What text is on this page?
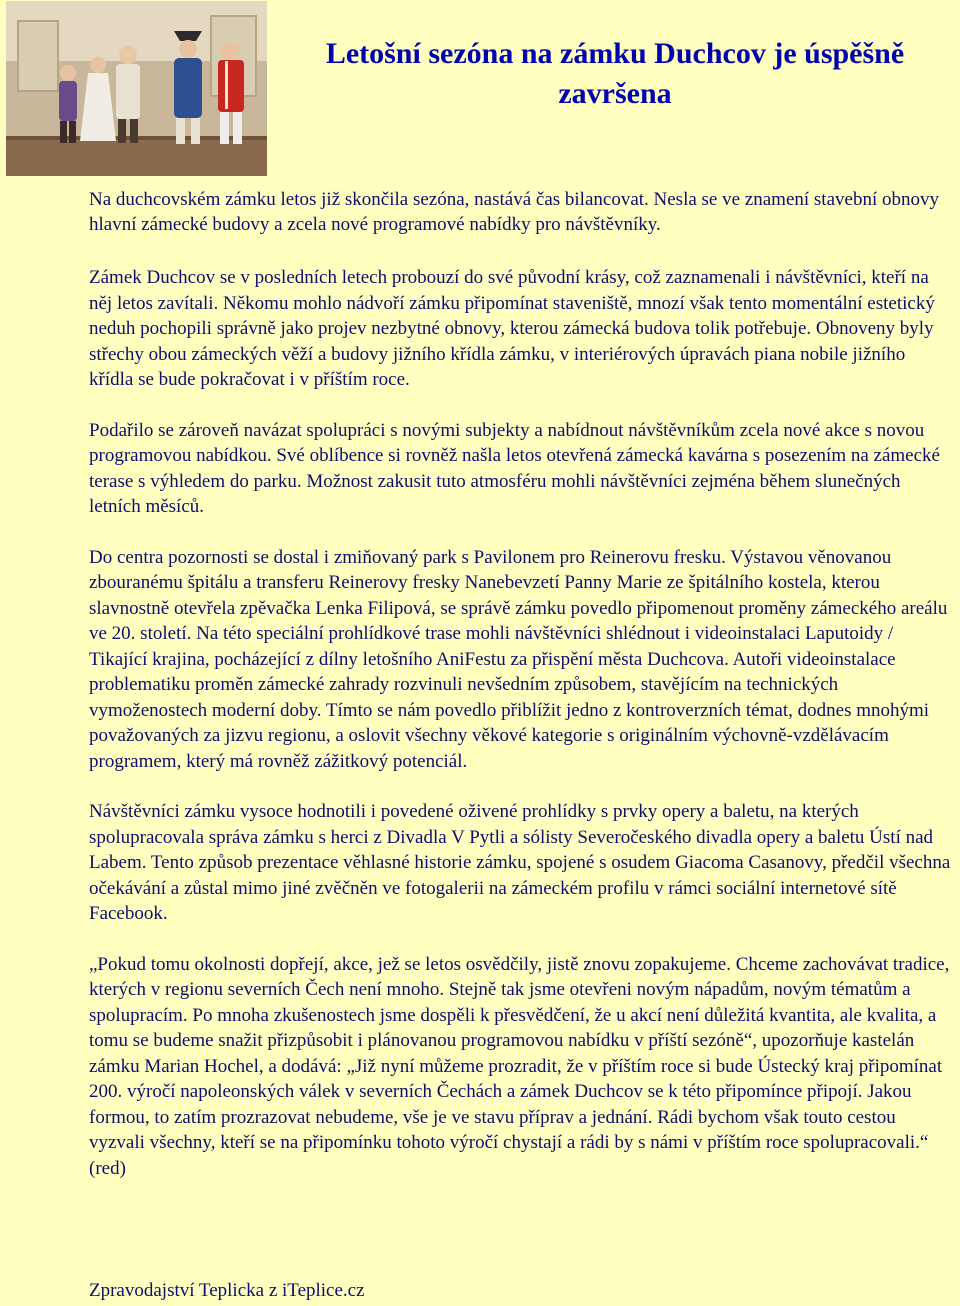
Letošní sezóna na zámku Duchcov je úspěšně završena

Na duchcovském zámku letos již skončila sezóna, nastává čas bilancovat. Nesla se ve znamení stavební obnovy hlavní zámecké budovy a zcela nové programové nabídky pro návštěvníky.

Zámek Duchcov se v posledních letech probouzí do své původní krásy, což zaznamenali i návštěvníci, kteří na něj letos zavítali. Někomu mohlo nádvoří zámku připomínat staveniště, mnozí však tento momentální estetický neduh pochopili správně jako projev nezbytné obnovy, kterou zámecká budova tolik potřebuje. Obnoveny byly střechy obou zámeckých věží a budovy jižního křídla zámku, v interiérových úpravách piana nobile jižního křídla se bude pokračovat i v příštím roce.

Podařilo se zároveň navázat spolupráci s novými subjekty a nabídnout návštěvníkům zcela nové akce s novou programovou nabídkou. Své oblíbence si rovněž našla letos otevřená zámecká kavárna s posezením na zámecké terase s výhledem do parku. Možnost zakusit tuto atmosféru mohli návštěvníci zejména během slunečných letních měsíců.

Do centra pozornosti se dostal i zmiňovaný park s Pavilonem pro Reinerovu fresku. Výstavou věnovanou zbouranému špitálu a transferu Reinerovy fresky Nanebevzetí Panny Marie ze špitálního kostela, kterou slavnostně otevřela zpěvačka Lenka Filipová, se správě zámku povedlo připomenout proměny zámeckého areálu ve 20. století. Na této speciální prohlídkové trase mohli návštěvníci shlédnout i videoinstalaci Laputoidy / Tikající krajina, pocházející z dílny letošního AniFestu za přispění města Duchcova. Autoři videoinstalace problematiku proměn zámecké zahrady rozvinuli nevšedním způsobem, stavějícím na technických vymoženostech moderní doby. Tímto se nám povedlo přiblížit jedno z kontroverzních témat, dodnes mnohými považovaných za jizvu regionu, a oslovit všechny věkové kategorie s originálním výchovně-vzdělávacím programem, který má rovněž zážitkový potenciál.

Návštěvníci zámku vysoce hodnotili i povedené oživené prohlídky s prvky opery a baletu, na kterých spolupracovala správa zámku s herci z Divadla V Pytli a sólisty Severočeského divadla opery a baletu Ústí nad Labem. Tento způsob prezentace věhlasné historie zámku, spojené s osudem Giacoma Casanovy, předčil všechna očekávání a zůstal mimo jiné zvěčněn ve fotogalerii na zámeckém profilu v rámci sociální internetové sítě Facebook.

„Pokud tomu okolnosti dopřejí, akce, jež se letos osvědčily, jistě znovu zopakujeme. Chceme zachovávat tradice, kterých v regionu severních Čech není mnoho. Stejně tak jsme otevřeni novým nápadům, novým tématům a spolupracím. Po mnoha zkušenostech jsme dospěli k přesvědčení, že u akcí není důležitá kvantita, ale kvalita, a tomu se budeme snažit přizpůsobit i plánovanou programovou nabídku v příští sezóně“, upozorňuje kastelán zámku Marian Hochel, a dodává: „Již nyní můžeme prozradit, že v příštím roce si bude Ústecký kraj připomínat 200. výročí napoleonských válek v severních Čechách a zámek Duchcov se k této připomínce připojí. Jakou formou, to zatím prozrazovat nebudeme, vše je ve stavu příprav a jednání. Rádi bychom však touto cestou vyzvali všechny, kteří se na připomínku tohoto výročí chystají a rádi by s námi v příštím roce spolupracovali.“ (red)

Zpravodajství Teplicka z iTeplice.cz
